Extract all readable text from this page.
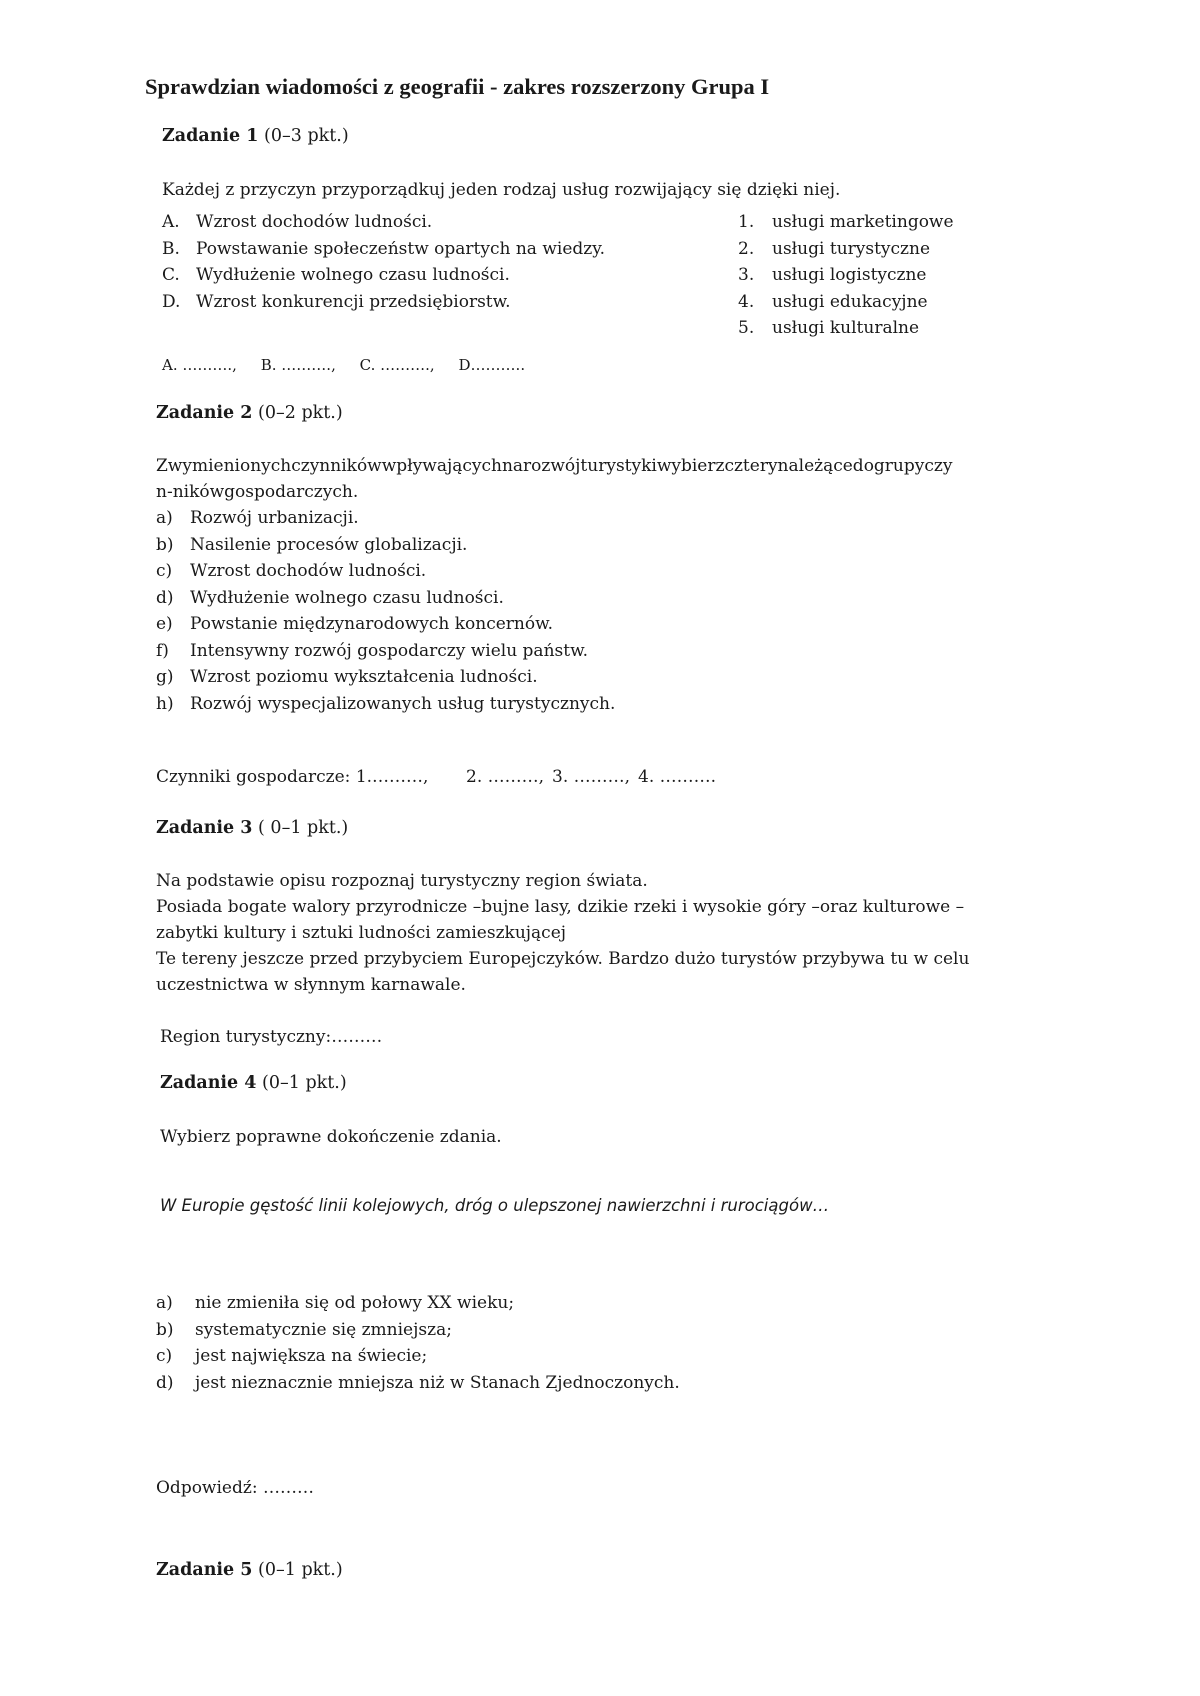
Sprawdzian wiadomości z geografii - zakres rozszerzony Grupa I
Zadanie 1 (0–3 pkt.)
Każdej z przyczyn przyporządkuj jeden rodzaj usług rozwijający się dzięki niej.
A. Wzrost dochodów ludności.
B. Powstawanie społeczeństw opartych na wiedzy.
C. Wydłużenie wolnego czasu ludności.
D. Wzrost konkurencji przedsiębiorstw.
1. usługi marketingowe
2. usługi turystyczne
3. usługi logistyczne
4. usługi edukacyjne
5. usługi kulturalne
A. ……….,     B. ……….,     C. ……….,     D………..
Zadanie 2 (0–2 pkt.)
Zwymienionychczynnikówwpływającychnarozwójturystykiwybierzczterynależącedogrupyczy
n-nikówgospodarczych.
a) Rozwój urbanizacji.
b) Nasilenie procesów globalizacji.
c) Wzrost dochodów ludności.
d) Wydłużenie wolnego czasu ludności.
e) Powstanie międzynarodowych koncernów.
f) Intensywny rozwój gospodarczy wielu państw.
g) Wzrost poziomu wykształcenia ludności.
h) Rozwój wyspecjalizowanych usług turystycznych.
Czynniki gospodarcze: 1.………, 2. ………, 3. ………, 4. ……….
Zadanie 3 ( 0–1 pkt.)
Na podstawie opisu rozpoznaj turystyczny region świata.
Posiada bogate walory przyrodnicze –bujne lasy, dzikie rzeki i wysokie góry –oraz kulturowe –
zabytki kultury i sztuki ludności zamieszkującej
Te tereny jeszcze przed przybyciem Europejczyków. Bardzo dużo turystów przybywa tu w celu
uczestnictwa w słynnym karnawale.
Region turystyczny:………
Zadanie 4 (0–1 pkt.)
Wybierz poprawne dokończenie zdania.
W Europie gęstość linii kolejowych, dróg o ulepszonej nawierzchni i rurociągów…
a) nie zmieniła się od połowy XX wieku;
b) systematycznie się zmniejsza;
c) jest największa na świecie;
d) jest nieznacznie mniejsza niż w Stanach Zjednoczonych.
Odpowiedź: ………
Zadanie 5 (0–1 pkt.)
